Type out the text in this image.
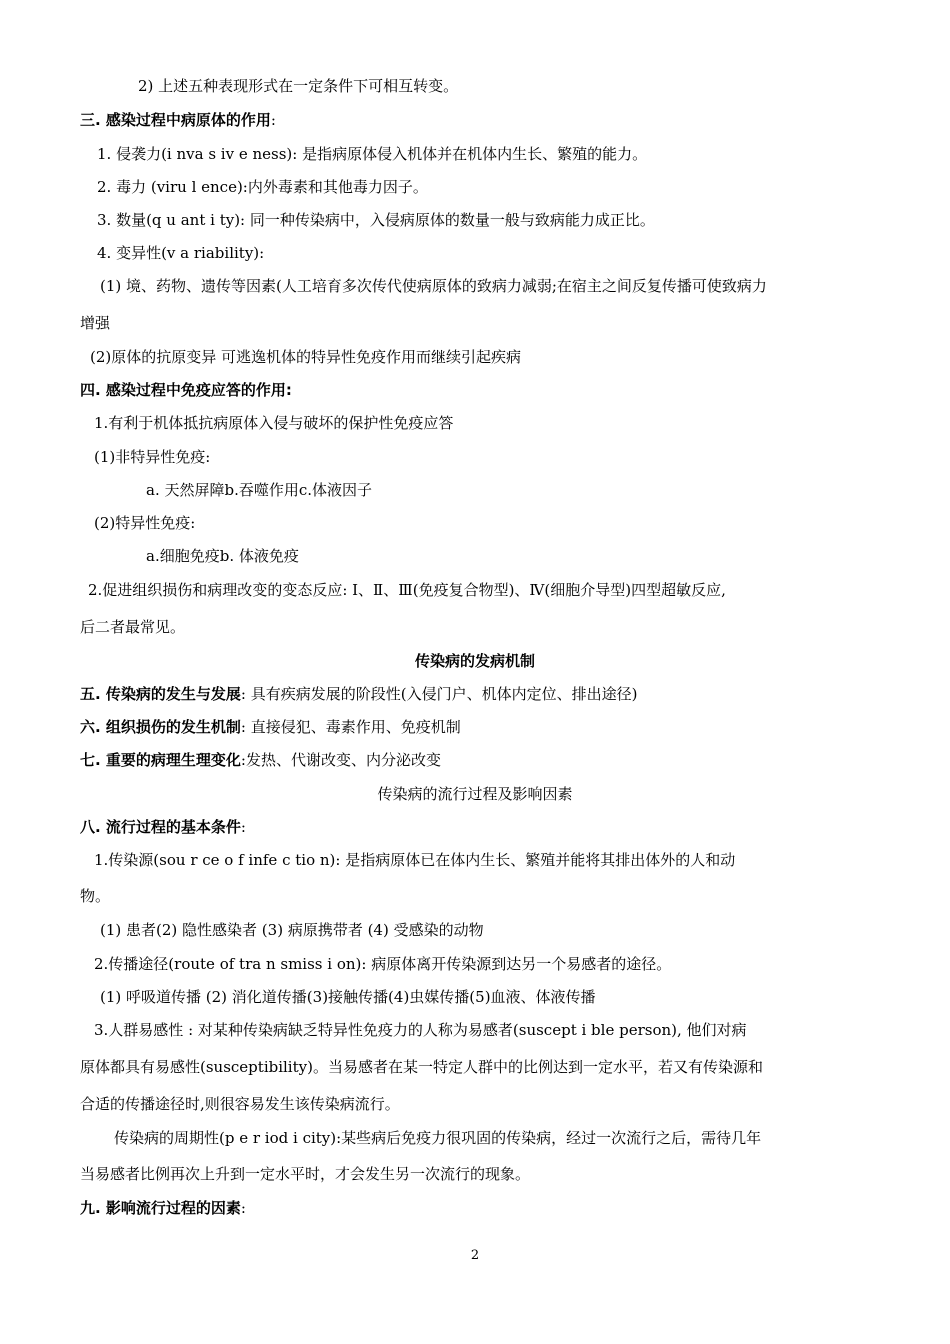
2) 上述五种表现形式在一定条件下可相互转变。
三. 感染过程中病原体的作用:
1. 侵袭力(i nva s iv e ness): 是指病原体侵入机体并在机体内生长、繁殖的能力。
2. 毒力 (viru l ence):内外毒素和其他毒力因子。
3. 数量(q u ant i ty): 同一种传染病中，入侵病原体的数量一般与致病能力成正比。
4. 变异性(v a riability):
(1) 境、药物、遗传等因素(人工培育多次传代使病原体的致病力减弱;在宿主之间反复传播可使致病力
增强
(2)原体的抗原变异 可逃逸机体的特异性免疫作用而继续引起疾病
四. 感染过程中免疫应答的作用:
1.有利于机体抵抗病原体入侵与破坏的保护性免疫应答
(1)非特异性免疫:
a. 天然屏障b.吞噬作用c.体液因子
(2)特异性免疫:
a.细胞免疫b. 体液免疫
2.促进组织损伤和病理改变的变态反应: Ⅰ、Ⅱ、Ⅲ(免疫复合物型)、Ⅳ(细胞介导型)四型超敏反应,
后二者最常见。
传染病的发病机制
五. 传染病的发生与发展: 具有疾病发展的阶段性(入侵门户、机体内定位、排出途径)
六. 组织损伤的发生机制: 直接侵犯、毒素作用、免疫机制
七. 重要的病理生理变化:发热、代谢改变、内分泌改变
传染病的流行过程及影响因素
八. 流行过程的基本条件:
1.传染源(sou r ce o f infe c tio n): 是指病原体已在体内生长、繁殖并能将其排出体外的人和动
物。
(1) 患者(2) 隐性感染者 (3) 病原携带者 (4) 受感染的动物
2.传播途径(route of tra n smiss i on): 病原体离开传染源到达另一个易感者的途径。
(1) 呼吸道传播 (2) 消化道传播(3)接触传播(4)虫媒传播(5)血液、体液传播
3.人群易感性 : 对某种传染病缺乏特异性免疫力的人称为易感者(suscept i ble person), 他们对病
原体都具有易感性(susceptibility)。当易感者在某一特定人群中的比例达到一定水平，若又有传染源和
合适的传播途径时,则很容易发生该传染病流行。
传染病的周期性(p e r iod i city):某些病后免疫力很巩固的传染病，经过一次流行之后，需待几年
当易感者比例再次上升到一定水平时，才会发生另一次流行的现象。
九. 影响流行过程的因素:
2
